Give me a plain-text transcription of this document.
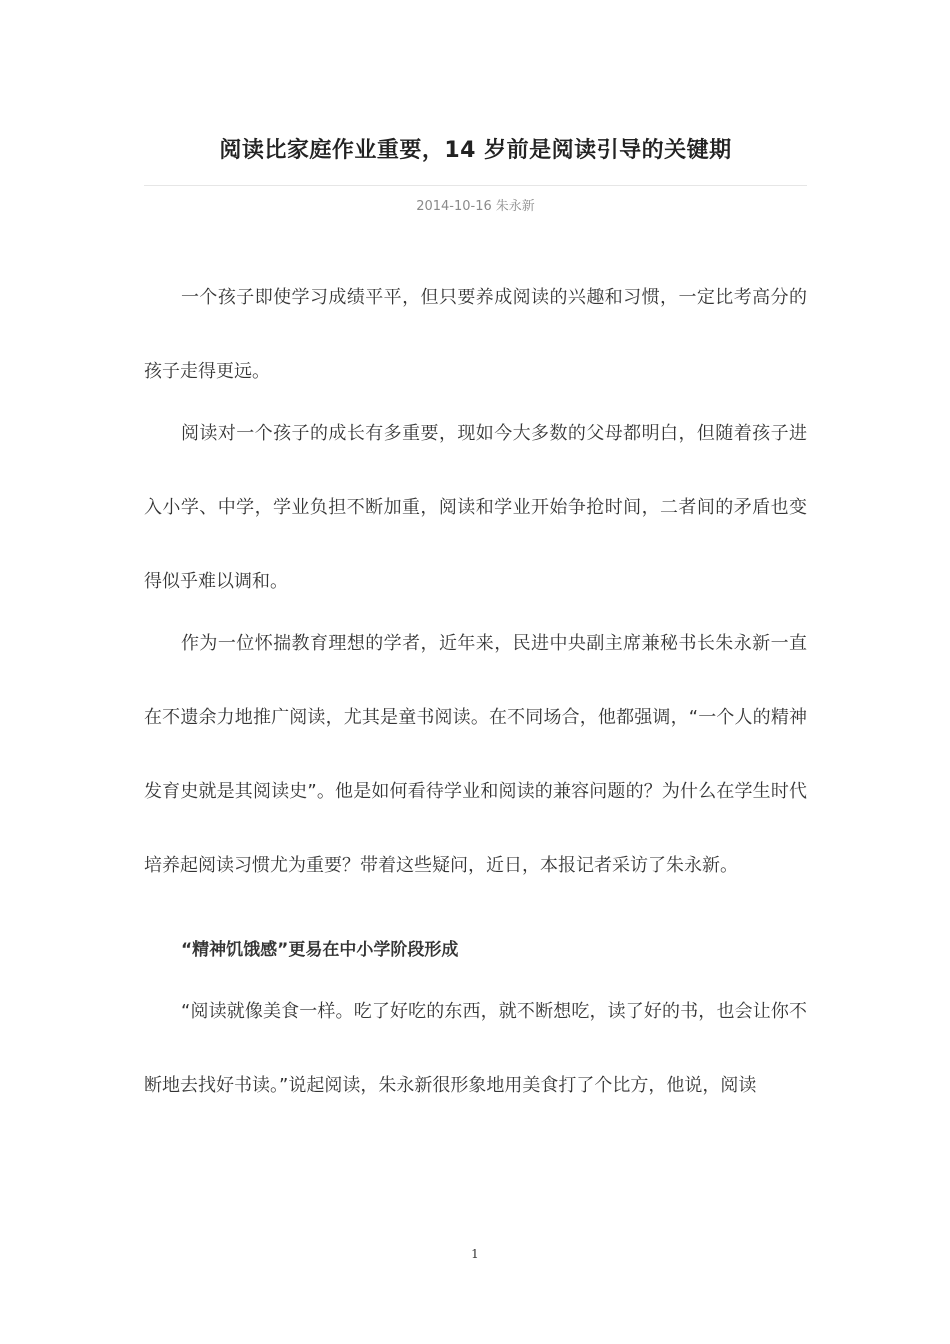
阅读比家庭作业重要，14 岁前是阅读引导的关键期
2014-10-16 朱永新

一个孩子即使学习成绩平平，但只要养成阅读的兴趣和习惯，一定比考高分的孩子走得更远。

阅读对一个孩子的成长有多重要，现如今大多数的父母都明白，但随着孩子进入小学、中学，学业负担不断加重，阅读和学业开始争抢时间，二者间的矛盾也变得似乎难以调和。

作为一位怀揣教育理想的学者，近年来，民进中央副主席兼秘书长朱永新一直在不遗余力地推广阅读，尤其是童书阅读。在不同场合，他都强调，“一个人的精神发育史就是其阅读史”。他是如何看待学业和阅读的兼容问题的？为什么在学生时代培养起阅读习惯尤为重要？带着这些疑问，近日，本报记者采访了朱永新。

“精神饥饿感”更易在中小学阶段形成

“阅读就像美食一样。吃了好吃的东西，就不断想吃，读了好的书，也会让你不断地去找好书读。”说起阅读，朱永新很形象地用美食打了个比方，他说，阅读

1
